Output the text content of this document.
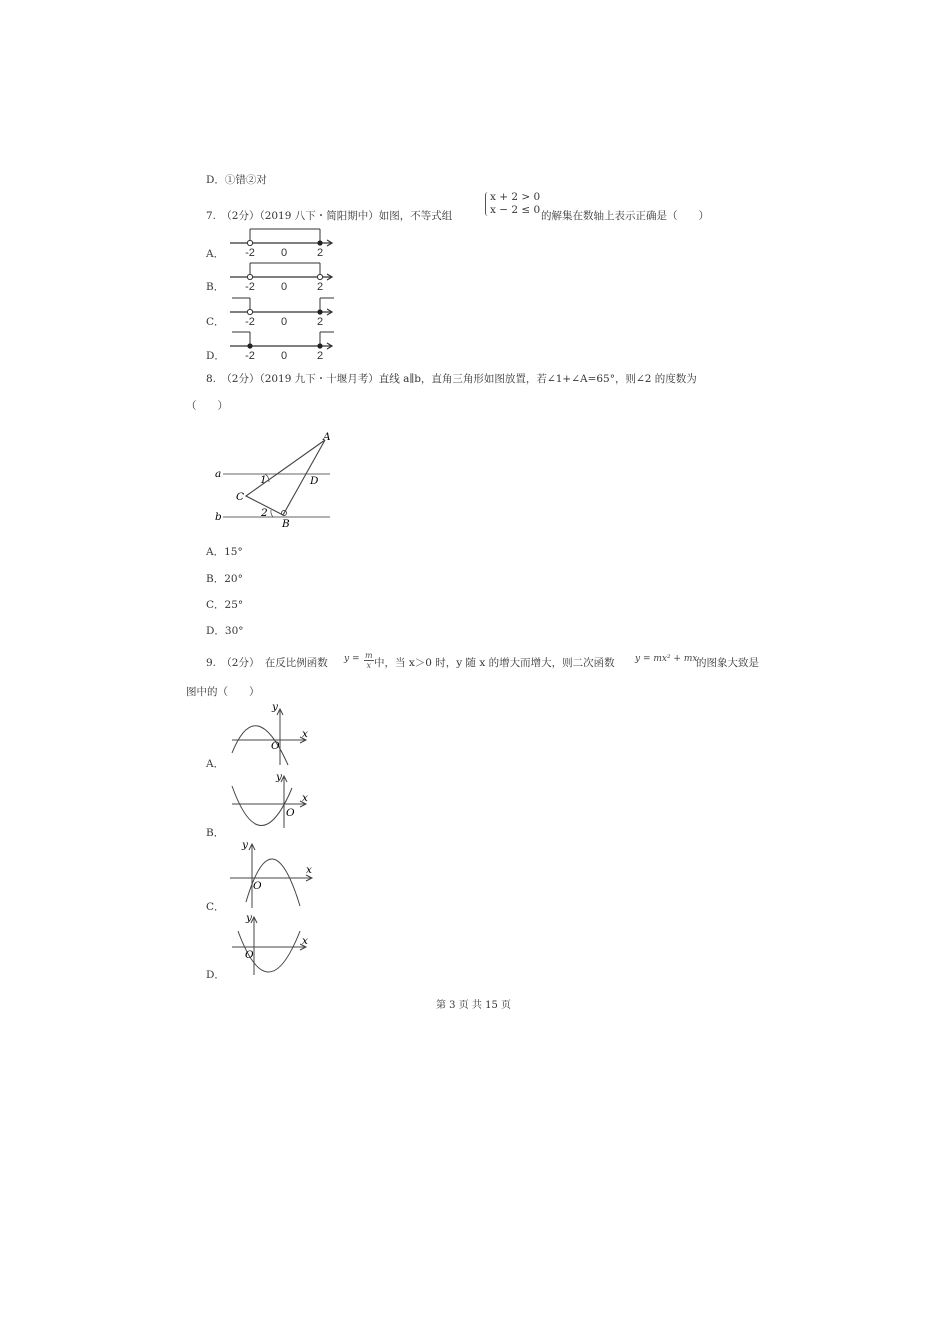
D．①错②对
7.　（2分）（2019 八下・简阳期中）如图，不等式组
x + 2 > 0
x − 2 ≤ 0 的解集在数轴上表示正确是（　　）
A． -2 0	2
B． -2 0	2
C． -2 0	2
D． -2 0	2
8.　（2分）（2019 九下・十堰月考）直线 a∥b，直角三角形如图放置，若∠1+∠A=65°，则∠2 的度数为
（　　）
a
b
A
C
B
D
1
2
A．15°
B．20°
C．25°
D．30°
9.　（2分）　在反比例函数 $y = \frac{m}{x}$ 中，当 x＞0 时，y 随 x 的增大而增大，则二次函数 y = mx² + mx
的图象大致是
图中的（　　）
A．
y
x
O
B．
y
x
O
C．
y
x
O
D．
y
x
O
第 3 页 共 15 页
